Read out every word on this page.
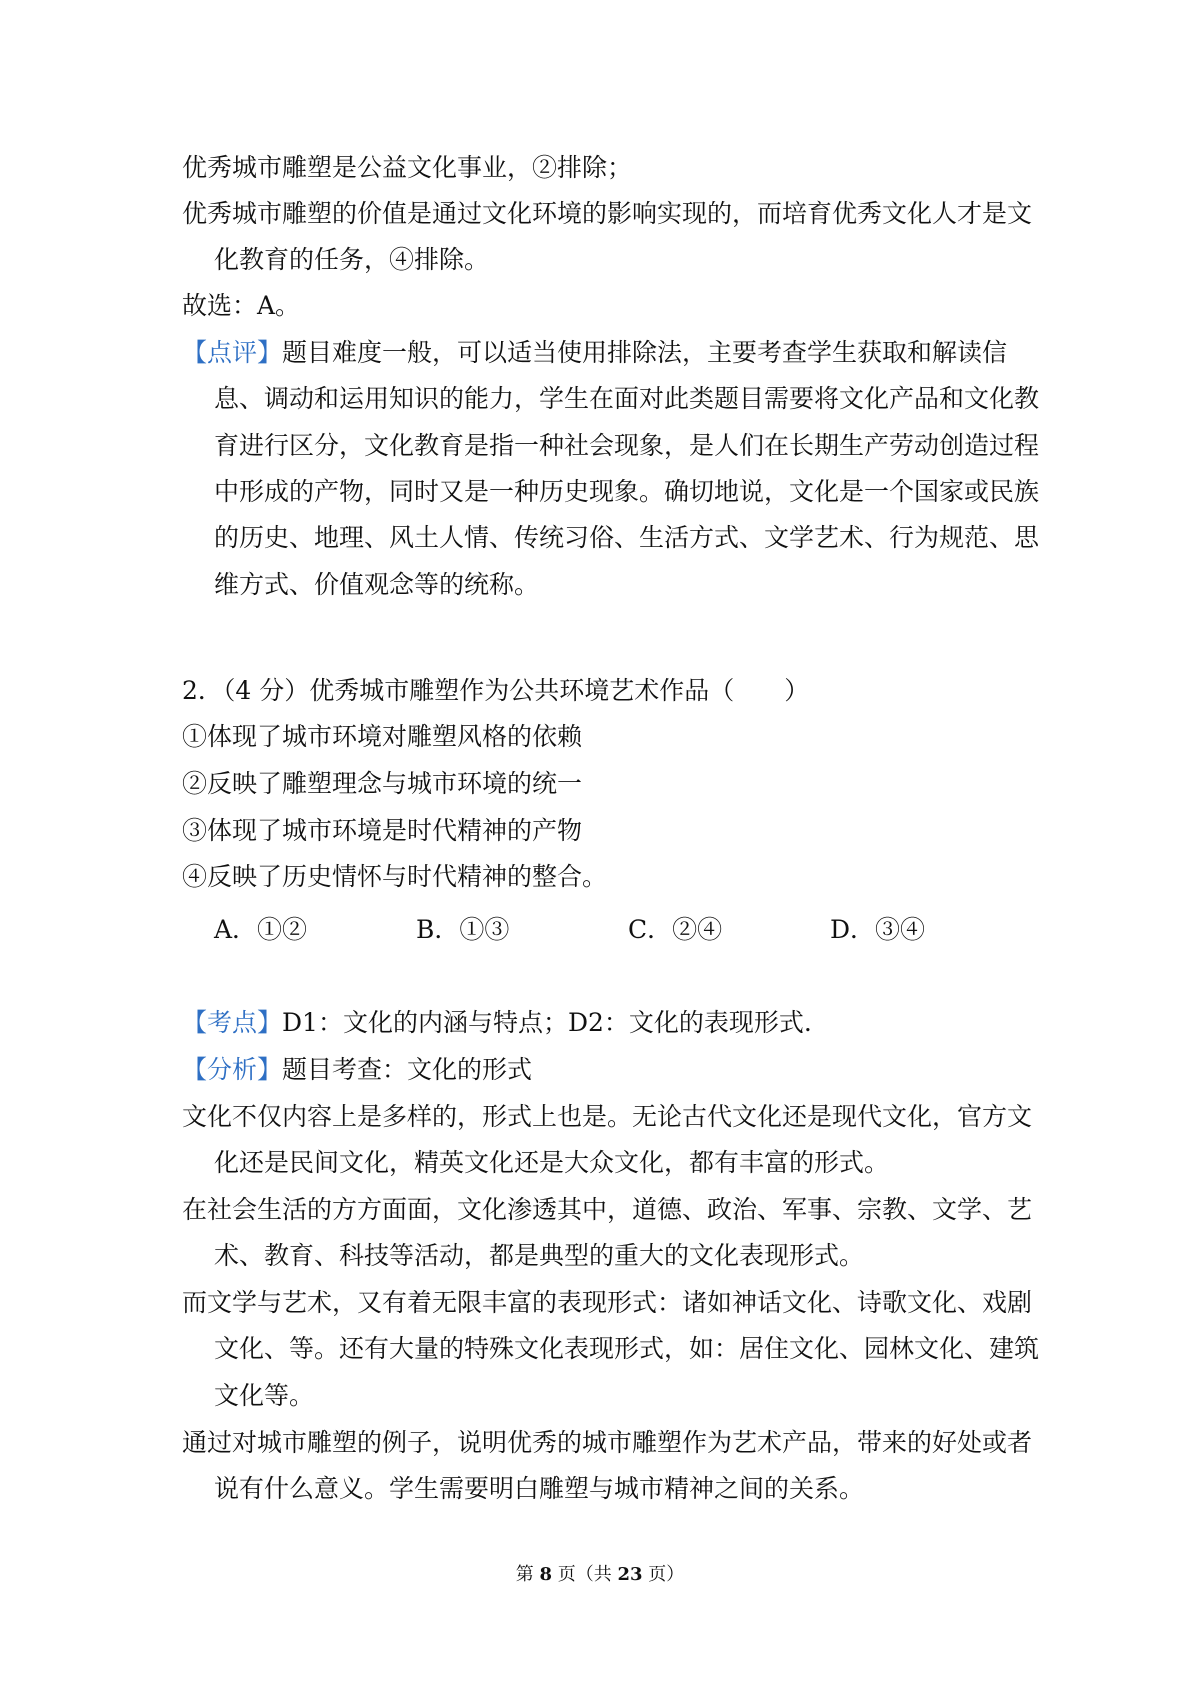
优秀城市雕塑是公益文化事业，②排除；
优秀城市雕塑的价值是通过文化环境的影响实现的，而培育优秀文化人才是文
化教育的任务，④排除。
故选：A。
【点评】题目难度一般，可以适当使用排除法，主要考查学生获取和解读信
息、调动和运用知识的能力，学生在面对此类题目需要将文化产品和文化教
育进行区分，文化教育是指一种社会现象，是人们在长期生产劳动创造过程
中形成的产物，同时又是一种历史现象。确切地说，文化是一个国家或民族
的历史、地理、风土人情、传统习俗、生活方式、文学艺术、行为规范、思
维方式、价值观念等的统称。
2．（4 分）优秀城市雕塑作为公共环境艺术作品（　　）
①体现了城市环境对雕塑风格的依赖
②反映了雕塑理念与城市环境的统一
③体现了城市环境是时代精神的产物
④反映了历史情怀与时代精神的整合。
A．①②	B．①③	C．②④	D．③④
【考点】D1：文化的内涵与特点；D2：文化的表现形式.
【分析】题目考查：文化的形式
文化不仅内容上是多样的，形式上也是。无论古代文化还是现代文化，官方文
化还是民间文化，精英文化还是大众文化，都有丰富的形式。
在社会生活的方方面面，文化渗透其中，道德、政治、军事、宗教、文学、艺
术、教育、科技等活动，都是典型的重大的文化表现形式。
而文学与艺术，又有着无限丰富的表现形式：诸如神话文化、诗歌文化、戏剧
文化、等。还有大量的特殊文化表现形式，如：居住文化、园林文化、建筑
文化等。
通过对城市雕塑的例子，说明优秀的城市雕塑作为艺术产品，带来的好处或者
说有什么意义。学生需要明白雕塑与城市精神之间的关系。
第 8 页（共 23 页）
